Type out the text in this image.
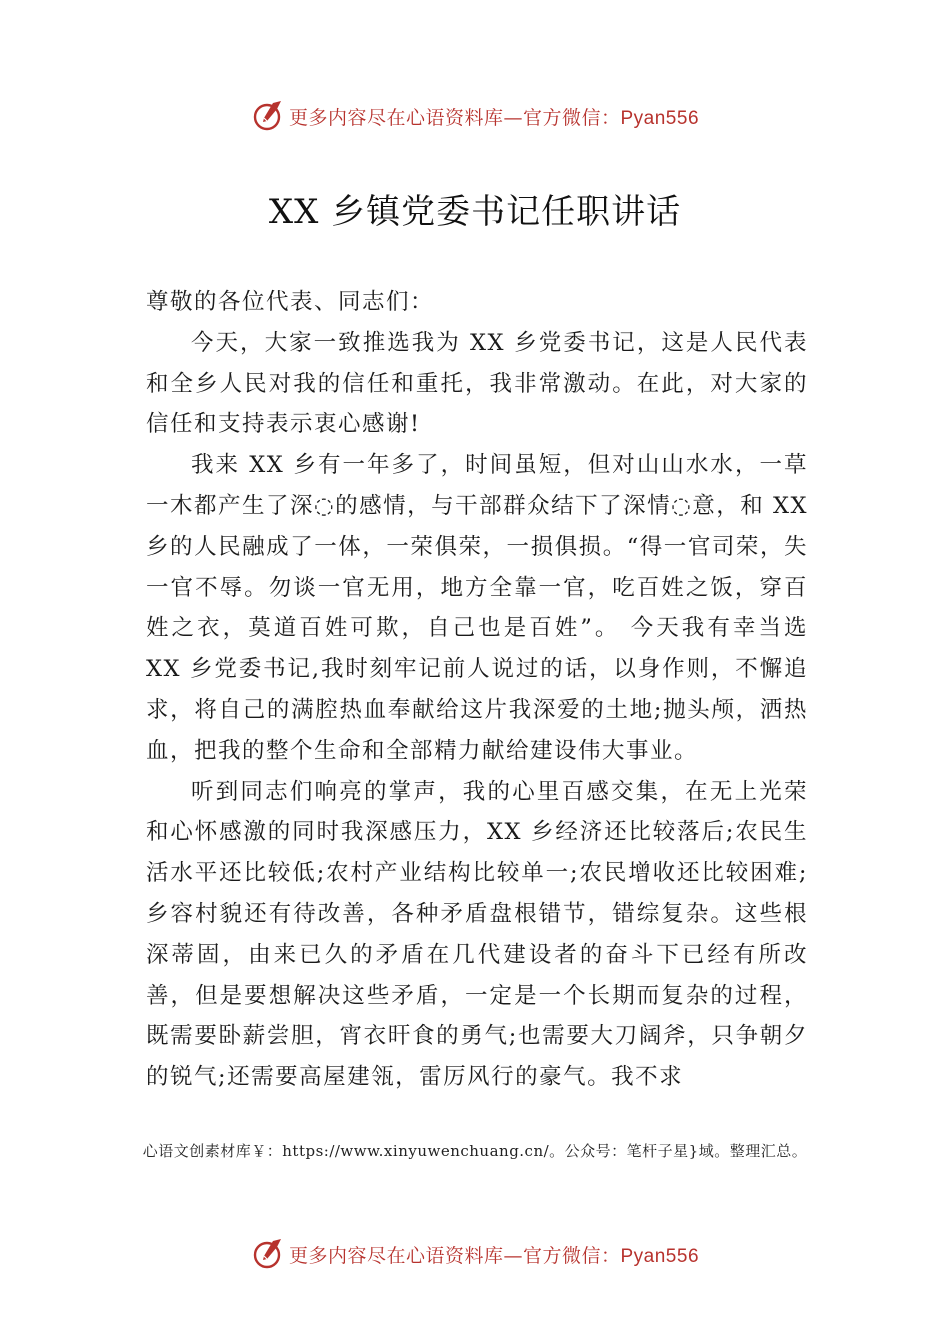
更多内容尽在心语资料库—官方微信：Pyan556
XX 乡镇党委书记任职讲话

尊敬的各位代表、同志们：

今天，大家一致推选我为 XX 乡党委书记，这是人民代表和全乡人民对我的信任和重托，我非常激动。在此，对大家的信任和支持表示衷心感谢!

我来 XX 乡有一年多了，时间虽短，但对山山水水，一草一木都产生了深◌的感情，与干部群众结下了深情◌意，和 XX 乡的人民融成了一体，一荣俱荣，一损俱损。“得一官司荣，失一官不辱。勿谈一官无用，地方全靠一官，吃百姓之饭，穿百姓之衣，莫道百姓可欺，自己也是百姓”。 今天我有幸当选 XX 乡党委书记,我时刻牢记前人说过的话，以身作则，不懈追求，将自己的满腔热血奉献给这片我深爱的土地;抛头颅，洒热血，把我的整个生命和全部精力献给建设伟大事业。

听到同志们响亮的掌声，我的心里百感交集，在无上光荣和心怀感激的同时我深感压力，XX 乡经济还比较落后;农民生活水平还比较低;农村产业结构比较单一;农民增收还比较困难;乡容村貌还有待改善，各种矛盾盘根错节，错综复杂。这些根深蒂固，由来已久的矛盾在几代建设者的奋斗下已经有所改善，但是要想解决这些矛盾，一定是一个长期而复杂的过程，既需要卧薪尝胆，宵衣旰食的勇气;也需要大刀阔斧，只争朝夕的锐气;还需要高屋建瓴，雷厉风行的豪气。我不求

心语文创素材库￥：https://www.xinyuwenchuang.cn/。公众号：笔杆子星}域。整理汇总。
更多内容尽在心语资料库—官方微信：Pyan556
